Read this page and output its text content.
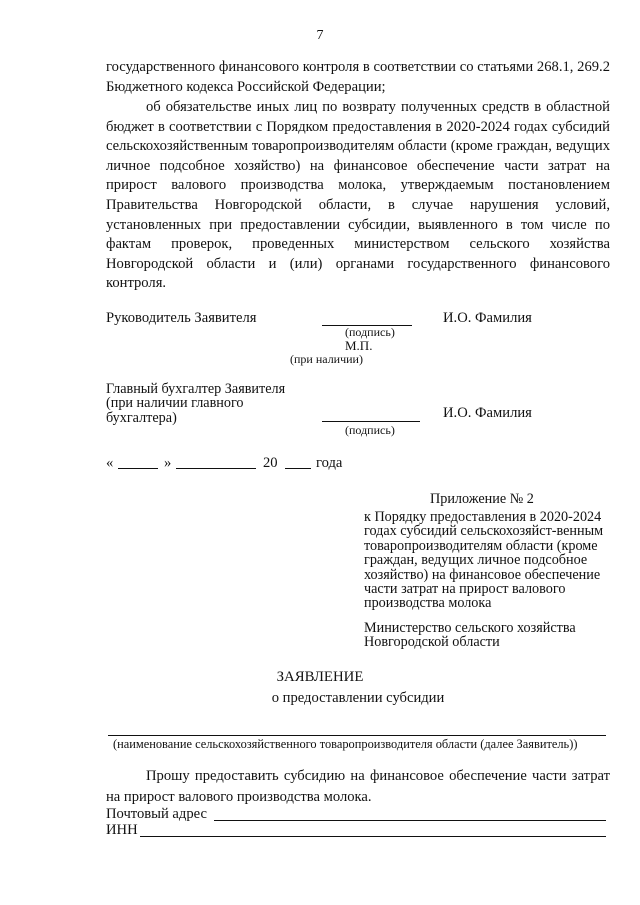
7
государственного финансового контроля в соответствии со статьями 268.1, 269.2 Бюджетного кодекса Российской Федерации;
об обязательстве иных лиц по возврату полученных средств в областной бюджет в соответствии с Порядком предоставления в 2020-2024 годах субсидий сельскохозяйственным товаропроизводителям области (кроме граждан, ведущих личное подсобное хозяйство) на финансовое обеспечение части затрат на прирост валового производства молока, утверждаемым постановлением Правительства Новгородской области, в случае нарушения условий, установленных при предоставлении субсидии, выявленного в том числе по фактам проверок, проведенных министерством сельского хозяйства Новгородской области и (или) органами государственного финансового контроля.
Руководитель Заявителя
(подпись)
И.О. Фамилия
М.П.
(при наличии)
Главный бухгалтер Заявителя
(при наличии главного
бухгалтера)
(подпись)
И.О. Фамилия
«	»	20	года
Приложение № 2
к Порядку предоставления в 2020-2024 годах субсидий сельскохозяйст-венным товаропроизводителям области (кроме граждан, ведущих личное подсобное хозяйство) на финансовое обеспечение части затрат на прирост валового производства молока
Министерство сельского хозяйства Новгородской области
ЗАЯВЛЕНИЕ
о предоставлении субсидии
(наименование сельскохозяйственного товаропроизводителя области (далее Заявитель))
Прошу предоставить субсидию на финансовое обеспечение части затрат на прирост валового производства молока.
Почтовый адрес
ИНН
